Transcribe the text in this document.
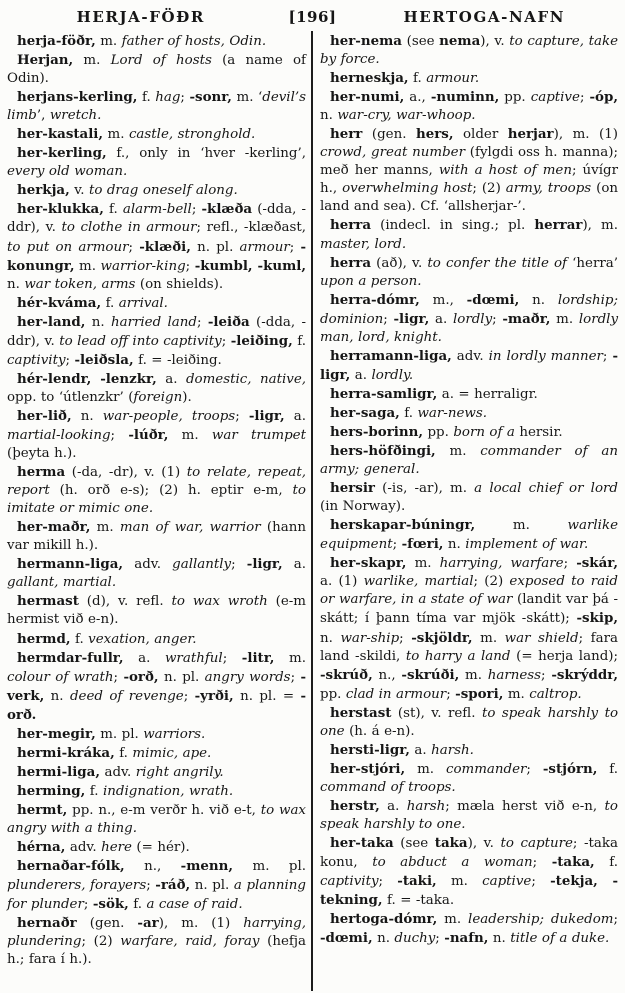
HERJA-FÖÐR	[196]	HERTOGA-NAFN

herja-föðr, m. father of hosts, Odin.

Herjan, m. Lord of hosts (a name of Odin).

herjans-kerling, f. hag; -sonr, m. ‘devil’s limb’, wretch.

her-kastali, m. castle, stronghold.

her-kerling, f., only in ‘hver -kerling’, every old woman.

herkja, v. to drag oneself along.

her-klukka, f. alarm-bell; -klæða (-dda, -ddr), v. to clothe in armour; refl., -klæðast, to put on armour; -klæði, n. pl. armour; -konungr, m. warrior-king; -kumbl, -kuml, n. war token, arms (on shields).

hér-kváma, f. arrival.

her-land, n. harried land; -leiða (-dda, -ddr), v. to lead off into captivity; -leiðing, f. captivity; -leiðsla, f. = -leiðing.

hér-lendr, -lenzkr, a. domestic, native, opp. to ‘útlenzkr’ (foreign).

her-lið, n. war-people, troops; -ligr, a. martial-looking; -lúðr, m. war trumpet (þeyta h.).

herma (-da, -dr), v. (1) to relate, repeat, report (h. orð e-s); (2) h. eptir e-m, to imitate or mimic one.

her-maðr, m. man of war, warrior (hann var mikill h.).

hermann-liga, adv. gallantly; -ligr, a. gallant, martial.

hermast (d), v. refl. to wax wroth (e-m hermist við e-n).

hermd, f. vexation, anger.

hermdar-fullr, a. wrathful; -litr, m. colour of wrath; -orð, n. pl. angry words; -verk, n. deed of revenge; -yrði, n. pl. = -orð.

her-megir, m. pl. warriors.

hermi-kráka, f. mimic, ape.

hermi-liga, adv. right angrily.

herming, f. indignation, wrath.

hermt, pp. n., e-m verðr h. við e-t, to wax angry with a thing.

hérna, adv. here (= hér).

hernaðar-fólk, n., -menn, m. pl. plunderers, forayers; -ráð, n. pl. a planning for plunder; -sök, f. a case of raid.

hernaðr (gen. -ar), m. (1) harrying, plundering; (2) warfare, raid, foray (hefja h.; fara í h.).

her-nema (see nema), v. to capture, take by force.

herneskja, f. armour.

her-numi, a., -numinn, pp. captive; -óp, n. war-cry, war-whoop.

herr (gen. hers, older herjar), m. (1) crowd, great number (fylgdi oss h. manna); með her manns, with a host of men; úvígr h., overwhelming host; (2) army, troops (on land and sea). Cf. ‘allsherjar-’.

herra (indecl. in sing.; pl. herrar), m. master, lord.

herra (að), v. to confer the title of ‘herra’ upon a person.

herra-dómr, m., -dœmi, n. lordship; dominion; -ligr, a. lordly; -maðr, m. lordly man, lord, knight.

herramann-liga, adv. in lordly manner; -ligr, a. lordly.

herra-samligr, a. = herraligr.

her-saga, f. war-news.

hers-borinn, pp. born of a hersir.

hers-höfðingi, m. commander of an army; general.

hersir (-is, -ar), m. a local chief or lord (in Norway).

herskapar-búningr, m. warlike equipment; -fœri, n. implement of war.

her-skapr, m. harrying, warfare; -skár, a. (1) warlike, martial; (2) exposed to raid or warfare, in a state of war (landit var þá -skátt; í þann tíma var mjök -skátt); -skip, n. war-ship; -skjöldr, m. war shield; fara land -skildi, to harry a land (= herja land); -skrúð, n., -skrúði, m. harness; -skrýddr, pp. clad in armour; -spori, m. caltrop.

herstast (st), v. refl. to speak harshly to one (h. á e-n).

hersti-ligr, a. harsh.

her-stjóri, m. commander; -stjórn, f. command of troops.

herstr, a. harsh; mæla herst við e-n, to speak harshly to one.

her-taka (see taka), v. to capture; -taka konu, to abduct a woman; -taka, f. captivity; -taki, m. captive; -tekja, -tekning, f. = -taka.

hertoga-dómr, m. leadership; dukedom; -dœmi, n. duchy; -nafn, n. title of a duke.
